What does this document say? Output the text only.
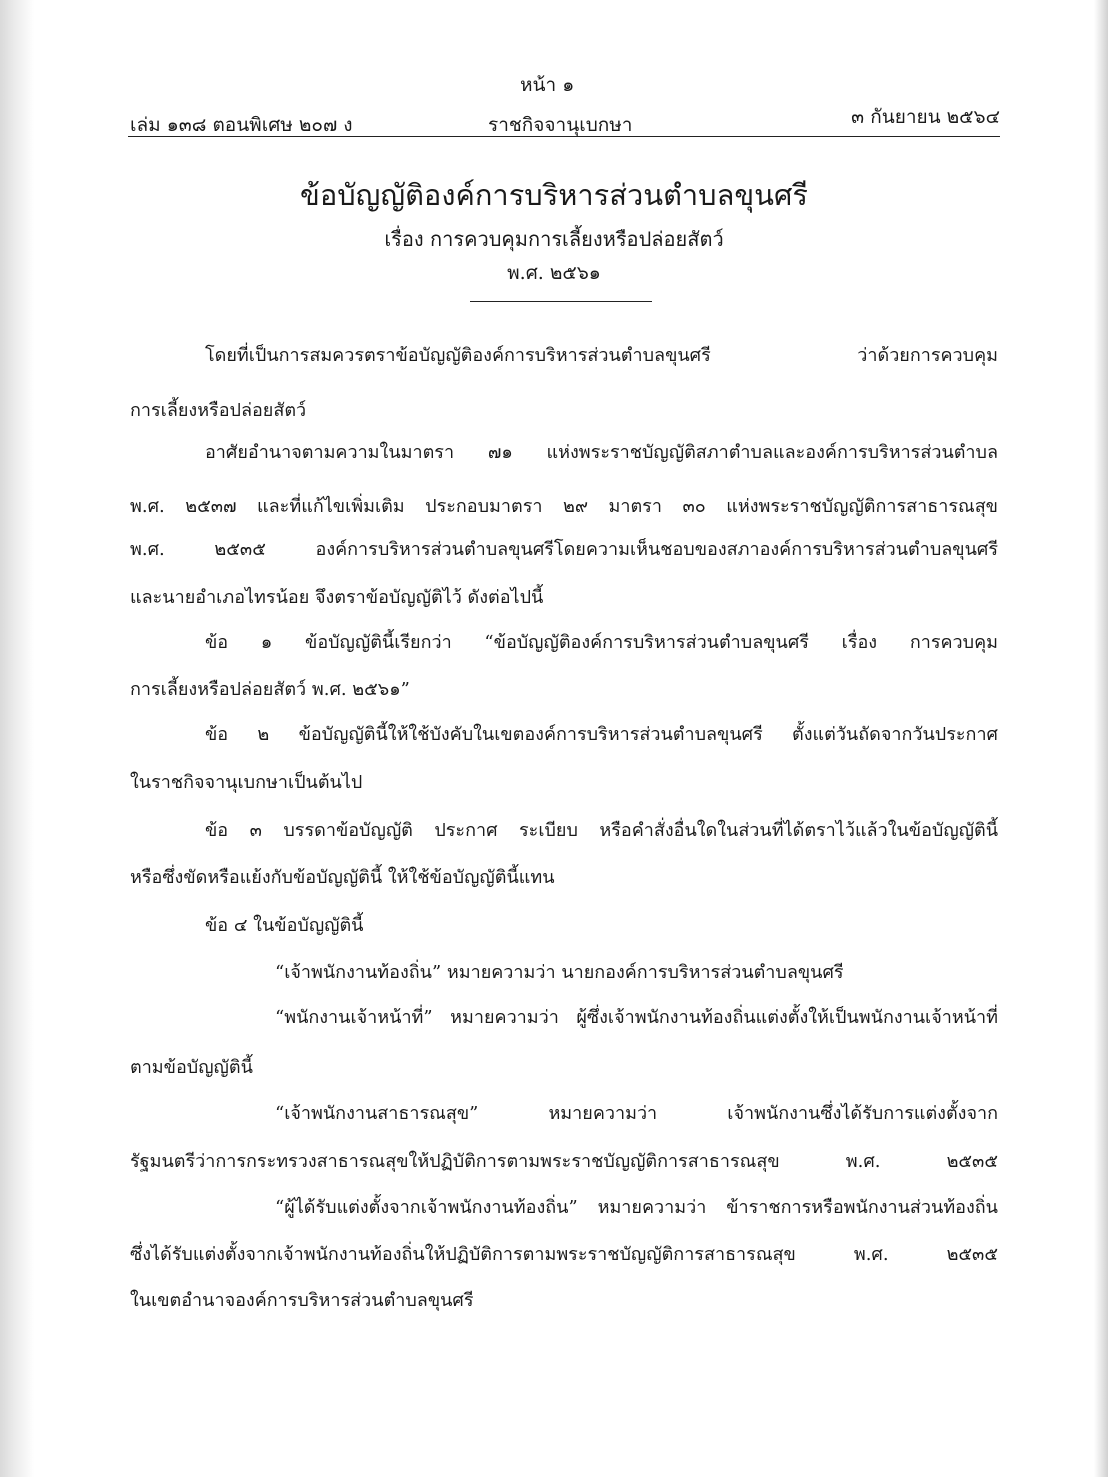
หน้า ๑
เล่ม ๑๓๘ ตอนพิเศษ ๒๐๗ ง	ราชกิจจานุเบกษา	๓ กันยายน ๒๕๖๔
ข้อบัญญัติองค์การบริหารส่วนตำบลขุนศรี
เรื่อง การควบคุมการเลี้ยงหรือปล่อยสัตว์
พ.ศ. ๒๕๖๑
โดยที่เป็นการสมควรตราข้อบัญญัติองค์การบริหารส่วนตำบลขุนศรี ว่าด้วยการควบคุม
การเลี้ยงหรือปล่อยสัตว์
อาศัยอำนาจตามความในมาตรา ๗๑ แห่งพระราชบัญญัติสภาตำบลและองค์การบริหารส่วนตำบล
พ.ศ. ๒๕๓๗ และที่แก้ไขเพิ่มเติม ประกอบมาตรา ๒๙ มาตรา ๓๐ แห่งพระราชบัญญัติการสาธารณสุข
พ.ศ. ๒๕๓๕ องค์การบริหารส่วนตำบลขุนศรีโดยความเห็นชอบของสภาองค์การบริหารส่วนตำบลขุนศรี
และนายอำเภอไทรน้อย จึงตราข้อบัญญัติไว้ ดังต่อไปนี้
ข้อ ๑ ข้อบัญญัตินี้เรียกว่า “ข้อบัญญัติองค์การบริหารส่วนตำบลขุนศรี เรื่อง การควบคุม
การเลี้ยงหรือปล่อยสัตว์ พ.ศ. ๒๕๖๑”
ข้อ ๒ ข้อบัญญัตินี้ให้ใช้บังคับในเขตองค์การบริหารส่วนตำบลขุนศรี ตั้งแต่วันถัดจากวันประกาศ
ในราชกิจจานุเบกษาเป็นต้นไป
ข้อ ๓ บรรดาข้อบัญญัติ ประกาศ ระเบียบ หรือคำสั่งอื่นใดในส่วนที่ได้ตราไว้แล้วในข้อบัญญัตินี้
หรือซึ่งขัดหรือแย้งกับข้อบัญญัตินี้ ให้ใช้ข้อบัญญัตินี้แทน
ข้อ ๔ ในข้อบัญญัตินี้
“เจ้าพนักงานท้องถิ่น” หมายความว่า นายกองค์การบริหารส่วนตำบลขุนศรี
“พนักงานเจ้าหน้าที่” หมายความว่า ผู้ซึ่งเจ้าพนักงานท้องถิ่นแต่งตั้งให้เป็นพนักงานเจ้าหน้าที่
ตามข้อบัญญัตินี้
“เจ้าพนักงานสาธารณสุข” หมายความว่า เจ้าพนักงานซึ่งได้รับการแต่งตั้งจาก
รัฐมนตรีว่าการกระทรวงสาธารณสุขให้ปฏิบัติการตามพระราชบัญญัติการสาธารณสุข พ.ศ. ๒๕๓๕
“ผู้ได้รับแต่งตั้งจากเจ้าพนักงานท้องถิ่น” หมายความว่า ข้าราชการหรือพนักงานส่วนท้องถิ่น
ซึ่งได้รับแต่งตั้งจากเจ้าพนักงานท้องถิ่นให้ปฏิบัติการตามพระราชบัญญัติการสาธารณสุข พ.ศ. ๒๕๓๕
ในเขตอำนาจองค์การบริหารส่วนตำบลขุนศรี
